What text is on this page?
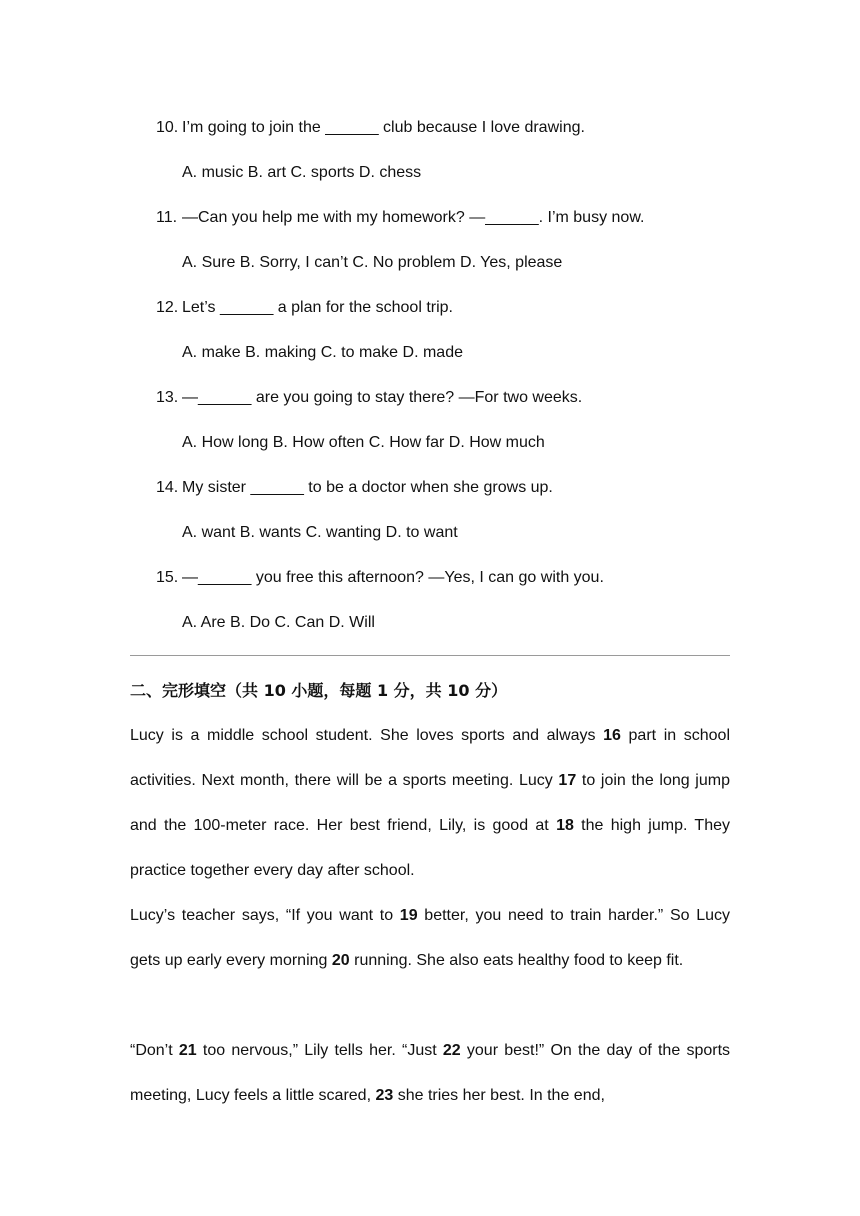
10. I’m going to join the ______ club because I love drawing.
A. music B. art C. sports D. chess
11. —Can you help me with my homework? —______. I’m busy now.
A. Sure B. Sorry, I can’t C. No problem D. Yes, please
12. Let’s ______ a plan for the school trip.
A. make B. making C. to make D. made
13. —______ are you going to stay there? —For two weeks.
A. How long B. How often C. How far D. How much
14. My sister ______ to be a doctor when she grows up.
A. want B. wants C. wanting D. to want
15. —______ you free this afternoon? —Yes, I can go with you.
A. Are B. Do C. Can D. Will
二、完形填空（共 10 小题，每题 1 分，共 10 分）
Lucy is a middle school student. She loves sports and always 16 part in school activities. Next month, there will be a sports meeting. Lucy 17 to join the long jump and the 100-meter race. Her best friend, Lily, is good at 18 the high jump. They practice together every day after school.
Lucy’s teacher says, “If you want to 19 better, you need to train harder.” So Lucy gets up early every morning 20 running. She also eats healthy food to keep fit.
“Don’t 21 too nervous,” Lily tells her. “Just 22 your best!” On the day of the sports meeting, Lucy feels a little scared, 23 she tries her best. In the end,
